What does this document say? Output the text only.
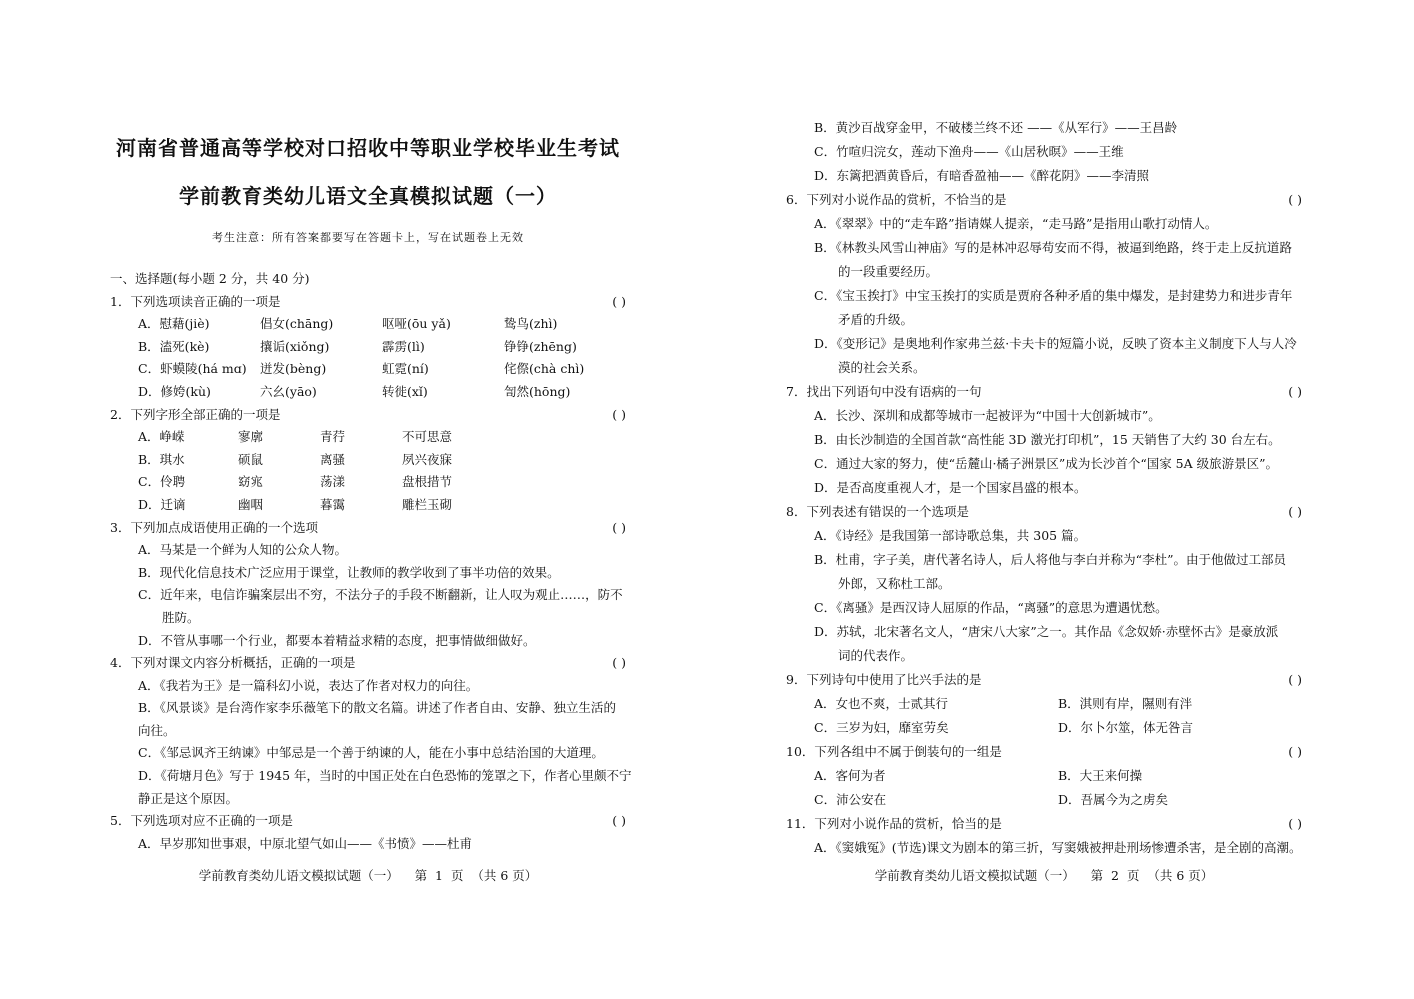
河南省普通高等学校对口招收中等职业学校毕业生考试
学前教育类幼儿语文全真模拟试题（一）
考生注意：所有答案都要写在答题卡上，写在试题卷上无效
一、选择题(每小题 2 分，共 40 分)
1．下列选项读音正确的一项是	( )
A．慰藉(jiè)	倡女(chāng)	呕哑(ōu yǎ)	鸷鸟(zhì)
B．溘死(kè)	攘诟(xiǒng)	霹雳(lì)	铮铮(zhēng)
C．虾蟆陵(há mɑ)	迸发(bèng)	虹霓(ní)	侘傺(chà chì)
D．修姱(kù)	六幺(yāo)	转徙(xǐ)	訇然(hōng)
2．下列字形全部正确的一项是	( )
A．峥嵘	寥廓	青荇	不可思意
B．琪水	硕鼠	离骚	夙兴夜寐
C．伶聘	窈宨	荡漾	盘根措节
D．迁谪	幽咽	暮霭	雕栏玉砌
3．下列加点成语使用正确的一个选项	( )
A．马某是一个鲜为人知的公众人物。
B．现代化信息技术广泛应用于课堂，让教师的教学收到了事半功倍的效果。
C．近年来，电信诈骗案层出不穷，不法分子的手段不断翻新，让人叹为观止……，防不
胜防。
D．不管从事哪一个行业，都要本着精益求精的态度，把事情做细做好。
4．下列对课文内容分析概括，正确的一项是	( )
A．《我若为王》是一篇科幻小说，表达了作者对权力的向往。
B．《风景谈》是台湾作家李乐薇笔下的散文名篇。讲述了作者自由、安静、独立生活的
向往。
C．《邹忌讽齐王纳谏》中邹忌是一个善于纳谏的人，能在小事中总结治国的大道理。
D．《荷塘月色》写于 1945 年，当时的中国正处在白色恐怖的笼罩之下，作者心里颇不宁
静正是这个原因。
5．下列选项对应不正确的一项是	( )
A．早岁那知世事艰，中原北望气如山——《书愤》——杜甫
学前教育类幼儿语文模拟试题（一）    第  1  页  （共 6 页）
B．黄沙百战穿金甲，不破楼兰终不还 ——《从军行》——王昌龄
C．竹喧归浣女，莲动下渔舟——《山居秋暝》——王维
D．东篱把酒黄昏后，有暗香盈袖——《醉花阴》——李清照
6．下列对小说作品的赏析，不恰当的是	( )
A．《翠翠》中的“走车路”指请媒人提亲，“走马路”是指用山歌打动情人。
B．《林教头风雪山神庙》写的是林冲忍辱苟安而不得，被逼到绝路，终于走上反抗道路
的一段重要经历。
C．《宝玉挨打》中宝玉挨打的实质是贾府各种矛盾的集中爆发，是封建势力和进步青年
矛盾的升级。
D．《变形记》是奥地利作家弗兰兹·卡夫卡的短篇小说，反映了资本主义制度下人与人冷
漠的社会关系。
7．找出下列语句中没有语病的一句	( )
A．长沙、深圳和成都等城市一起被评为“中国十大创新城市”。
B．由长沙制造的全国首款“高性能 3D 激光打印机”，15 天销售了大约 30 台左右。
C．通过大家的努力，使“岳麓山·橘子洲景区”成为长沙首个“国家 5A 级旅游景区”。
D．是否高度重视人才，是一个国家昌盛的根本。
8．下列表述有错误的一个选项是	( )
A．《诗经》是我国第一部诗歌总集，共 305 篇。
B．杜甫，字子美，唐代著名诗人，后人将他与李白并称为“李杜”。由于他做过工部员
外郎，又称杜工部。
C．《离骚》是西汉诗人屈原的作品，“离骚”的意思为遭遇忧愁。
D．苏轼，北宋著名文人，“唐宋八大家”之一。其作品《念奴娇·赤壁怀古》是豪放派
词的代表作。
9．下列诗句中使用了比兴手法的是	( )
A．女也不爽，士贰其行	B．淇则有岸，隰则有泮
C．三岁为妇，靡室劳矣	D．尔卜尔筮，体无咎言
10．下列各组中不属于倒装句的一组是	( )
A．客何为者	B．大王来何操
C．沛公安在	D．吾属今为之虏矣
11．下列对小说作品的赏析，恰当的是	( )
A．《窦娥冤》(节选)课文为剧本的第三折，写窦娥被押赴刑场惨遭杀害，是全剧的高潮。
学前教育类幼儿语文模拟试题（一）    第  2  页  （共 6 页）
